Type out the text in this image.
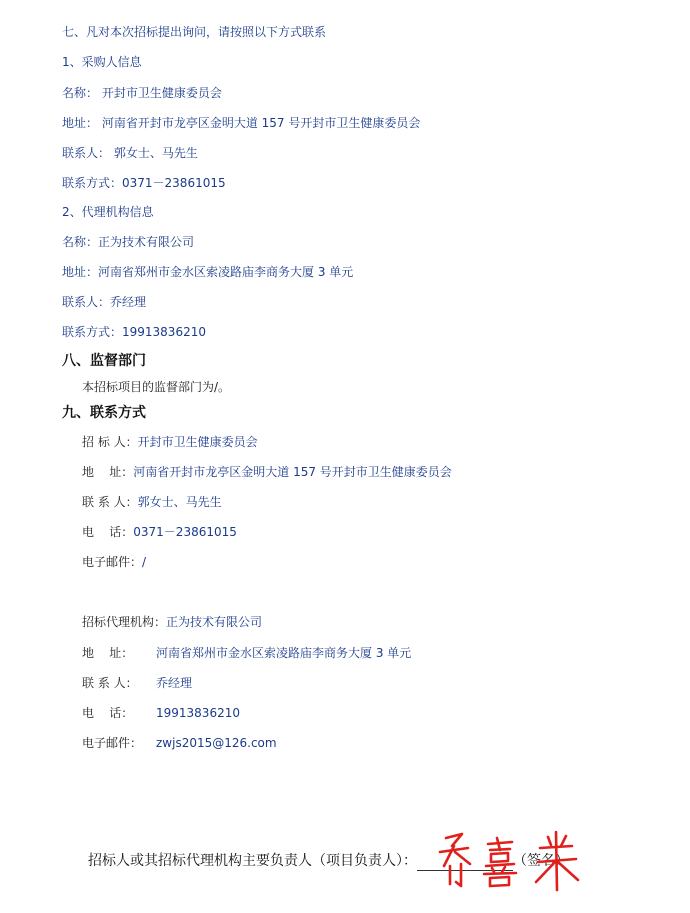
七、凡对本次招标提出询问，请按照以下方式联系
1、采购人信息
名称： 开封市卫生健康委员会
地址： 河南省开封市龙亭区金明大道 157 号开封市卫生健康委员会
联系人： 郭女士、马先生
联系方式：0371－23861015
2、代理机构信息
名称：正为技术有限公司
地址：河南省郑州市金水区索凌路庙李商务大厦 3 单元
联系人：乔经理
联系方式：19913836210
八、监督部门
本招标项目的监督部门为/。
九、联系方式
招 标 人：开封市卫生健康委员会
地    址：河南省开封市龙亭区金明大道 157 号开封市卫生健康委员会
联 系 人：郭女士、马先生
电    话：0371－23861015
电子邮件：/
招标代理机构：正为技术有限公司
地    址： 河南省郑州市金水区索凌路庙李商务大厦 3 单元
联 系 人： 乔经理
电    话： 19913836210
电子邮件： zwjs2015@126.com
招标人或其招标代理机构主要负责人（项目负责人）：	（签名）
